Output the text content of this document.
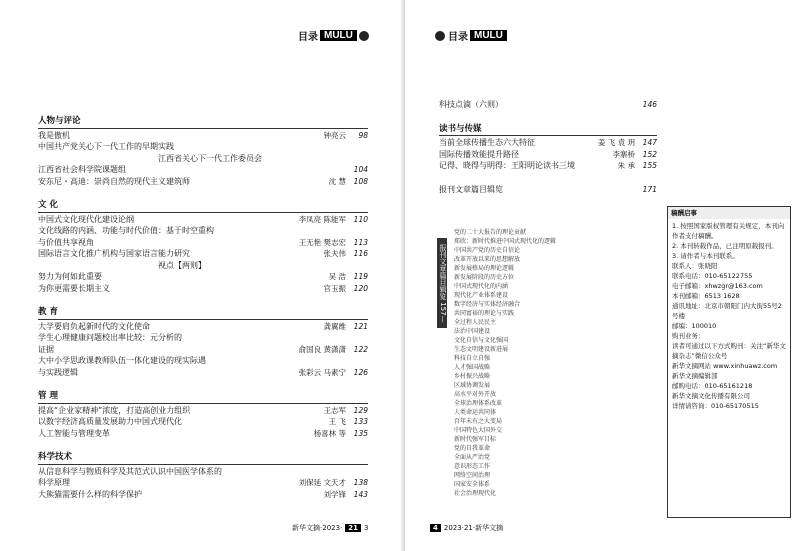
目录 MULU
人物与评论
我是傲机	钟亮云 98
中国共产党关心下一代工作的早期实践
江西省关心下一代工作委员会
江西省社会科学院课题组	104
安东尼・高迪：崇尚自然的现代主义建筑师	沈 慧 108
文 化
中国式文化现代化建设论纲	李凤亮 陈能军 110
文化线路的内涵、功能与时代价值：基于时空重构
与价值共享视角	王无艳 樊志宏 113
国际语言文化推广机构与国家语言能力研究	张夫伟 116
视点【两则】
努力为何如此重要	吴 浩 119
为你更需要长期主义	官玉振 120
教 育
大学要肩负起新时代的文化使命	龚翼维 121
学生心理健康问题校出率比较：元分析的
证据	俞国良 黄潇潇 122
大中小学思政课教师队伍一体化建设的现实际遇
与实践逻辑	张彩云 马素宁 126
管 理
提高“企业家精神”浓度，打造高创业力组织	王志军 129
以数字经济高质量发展助力中国式现代化	王 飞 133
人工智能与管理变革	杨喜林 等 135
科学技术
从信息科学与物质科学及其范式认识中国医学体系的
科学原理	刘保延 文天才 138
大熊猫需要什么样的科学保护	刘学锋 143
新华文摘 · 2023 · 21 3
目录 MULU
科技点滴（六则）	146
读书与传媒
当前全球传播生态六大特征	姜 飞 袁 玥 147
国际传播效能提升路径	李寨桥 152
记得、晓得与明得：王阳明论读书三境	朱 承 155
报刊文章篇目辑览	171
报刊文章篇目辑览 157—170
党的二十大报告的理论贡献
郑欣：新时代推进中国式现代化的逻辑
中国共产党的历史自信论
改革开放以来的思想解放
新发展格局的理论逻辑
新发展阶段的历史方位
中国式现代化的内涵
现代化产业体系建设
数字经济与实体经济融合
共同富裕的理论与实践
全过程人民民主
法治中国建设
文化自信与文化强国
生态文明建设新进展
科技自立自强
人才强国战略
乡村振兴战略
区域协调发展
高水平对外开放
全球治理体系改革
人类命运共同体
百年未有之大变局
中国特色大国外交
新时代强军目标
党的自我革命
全面从严治党
意识形态工作
网络空间治理
国家安全体系
社会治理现代化
稿酬启事

1. 按照国家版权管理有关规定，本刊向作者支付稿酬。

2. 本刊转载作品，已注明原载报刊。

3. 请作者与本刊联系。

联系人：张晓阳

联系电话：010-65122755

电子邮箱：xhwzgr@163.com

本刊邮箱：6513 1628

通讯地址：北京市朝阳门内大街55号2号楼

邮编：100010

购刊业务：

读者可通过以下方式购刊：关注“新华文摘杂志”微信公众号

新华文摘网站 www.xinhuawz.com

新华文摘编辑部

邮购电话：010-65161218

新华文摘文化传播有限公司

详情请咨询：010-65170515

4 2023 · 21 · 新华文摘
